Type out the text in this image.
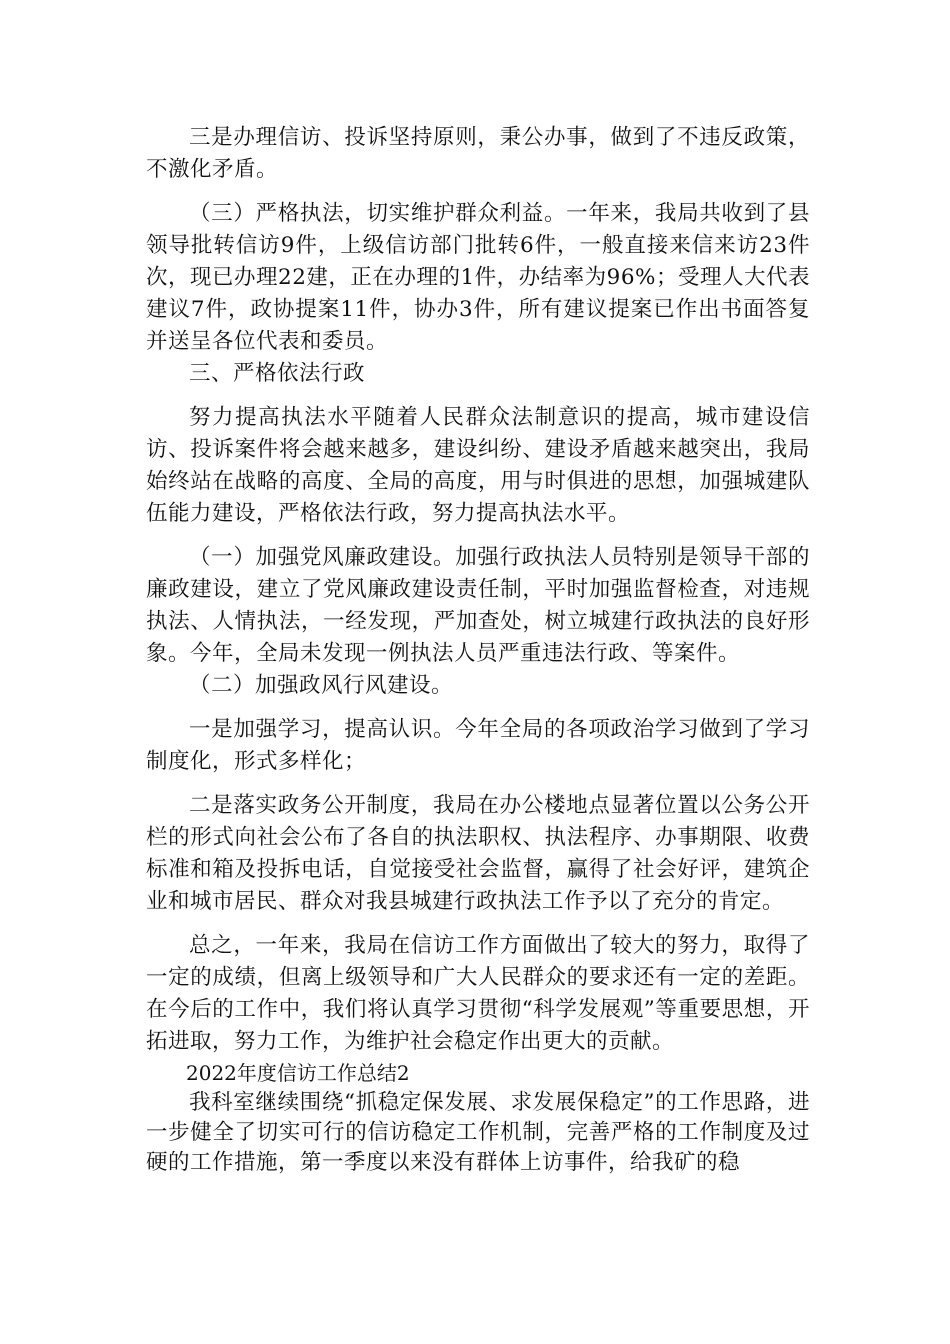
三是办理信访、投诉坚持原则，秉公办事，做到了不违反政策，不激化矛盾。

（三）严格执法，切实维护群众利益。一年来，我局共收到了县领导批转信访9件，上级信访部门批转6件，一般直接来信来访23件次，现已办理22建，正在办理的1件，办结率为96%；受理人大代表建议7件，政协提案11件，协办3件，所有建议提案已作出书面答复并送呈各位代表和委员。

三、严格依法行政

努力提高执法水平随着人民群众法制意识的提高，城市建设信访、投诉案件将会越来越多，建设纠纷、建设矛盾越来越突出，我局始终站在战略的高度、全局的高度，用与时俱进的思想，加强城建队伍能力建设，严格依法行政，努力提高执法水平。

（一）加强党风廉政建设。加强行政执法人员特别是领导干部的廉政建设，建立了党风廉政建设责任制，平时加强监督检查，对违规执法、人情执法，一经发现，严加查处，树立城建行政执法的良好形象。今年，全局未发现一例执法人员严重违法行政、等案件。

（二）加强政风行风建设。

一是加强学习，提高认识。今年全局的各项政治学习做到了学习制度化，形式多样化；

二是落实政务公开制度，我局在办公楼地点显著位置以公务公开栏的形式向社会公布了各自的执法职权、执法程序、办事期限、收费标准和箱及投拆电话，自觉接受社会监督，赢得了社会好评，建筑企业和城市居民、群众对我县城建行政执法工作予以了充分的肯定。

总之，一年来，我局在信访工作方面做出了较大的努力，取得了一定的成绩，但离上级领导和广大人民群众的要求还有一定的差距。在今后的工作中，我们将认真学习贯彻“科学发展观”等重要思想，开拓进取，努力工作，为维护社会稳定作出更大的贡献。

2022年度信访工作总结2

我科室继续围绕“抓稳定保发展、求发展保稳定”的工作思路，进一步健全了切实可行的信访稳定工作机制，完善严格的工作制度及过硬的工作措施，第一季度以来没有群体上访事件，给我矿的稳
